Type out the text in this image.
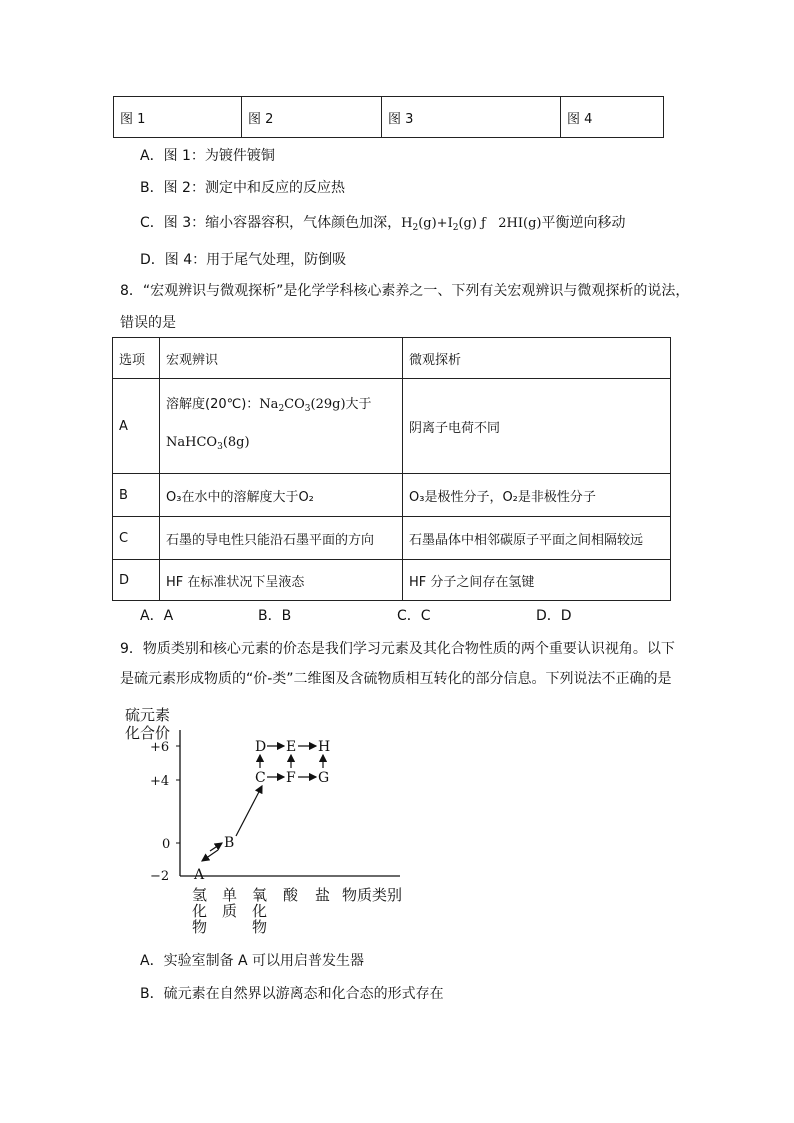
图 1	图 2	图 3	图 4
A．图 1：为镀件镀铜
B．图 2：测定中和反应的反应热
C．图 3：缩小容器容积，气体颜色加深，$H_2(g)+I_2(g)$ ƒ 2HI(g)平衡逆向移动
D．图 4：用于尾气处理，防倒吸
8．“宏观辨识与微观探析”是化学学科核心素养之一、下列有关宏观辨识与微观探析的说法，
错误的是
选项	宏观辨识	微观探析
A	溶解度(20℃)：$Na_2CO_3(29g)$大于
NaHCO$_3$(8g)	阴离子电荷不同
B	O₃在水中的溶解度大于O₂	O₃是极性分子，O₂是非极性分子
C	石墨的导电性只能沿石墨平面的方向	石墨晶体中相邻碳原子平面之间相隔较远
D	HF 在标准状况下呈液态	HF 分子之间存在氢键
A．A	B．B	C．C	D．D
9．物质类别和核心元素的价态是我们学习元素及其化合物性质的两个重要认识视角。以下
是硫元素形成物质的“价-类”二维图及含硫物质相互转化的部分信息。下列说法不正确的是
硫元素
化合价
+6
+4
0
−2
氢
化
物
单
质
氧
化
物
酸 盐 物质类别
A
B
C
D E
F
H
G
A．实验室制备 A 可以用启普发生器
B．硫元素在自然界以游离态和化合态的形式存在
